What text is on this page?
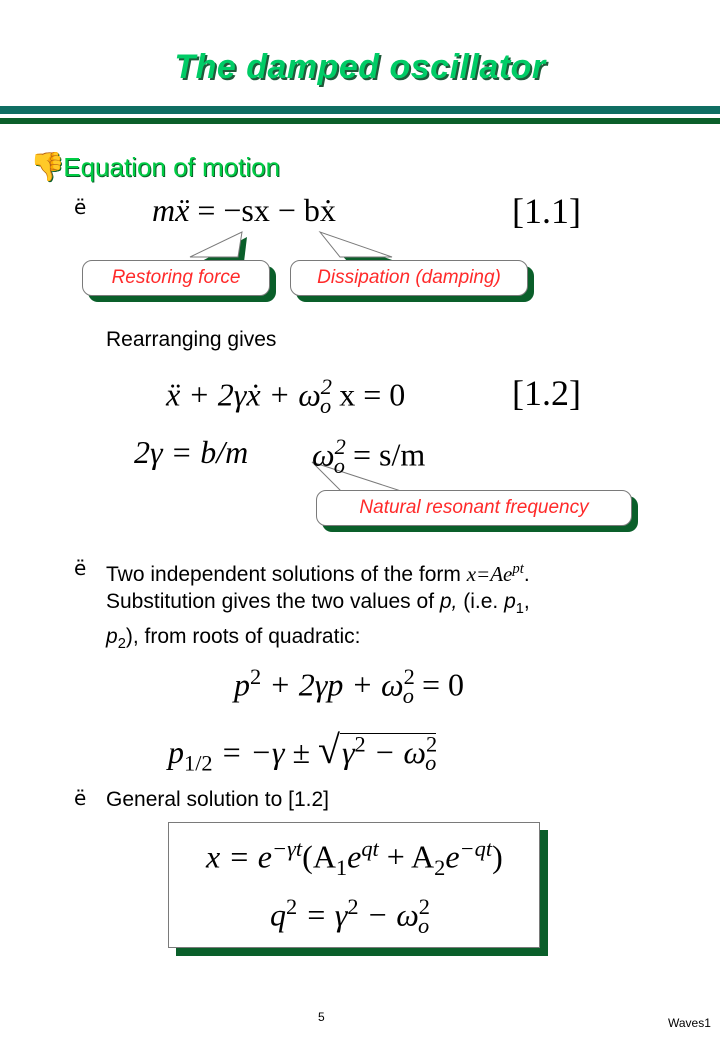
The damped oscillator
👎 Equation of motion
ë mẍ = −sx − bẋ	[1.1]
Restoring force	Dissipation (damping)
Rearranging gives
ẍ + 2γẋ + $\omega^2_o$ x = 0	[1.2]
2γ = b/m $\omega^2_o = s/m$
Natural resonant frequency
ë Two independent solutions of the form $x=Ae^{pt}$.
Substitution gives the two values of p, (i.e. $p_1$,
$p_2$), from roots of quadratic:
$p^2 + 2\gamma p + \omega^2_o = 0$
$p_{1/2} = -\gamma \pm √\gamma^2 - \omega^2_o$
ë General solution to [1.2]
$x = e^{-\gamma t}(A_1e^{qt} + A_2e^{-qt})$
$q^2 = \gamma^2 - \omega^2_o$
5	Waves1
